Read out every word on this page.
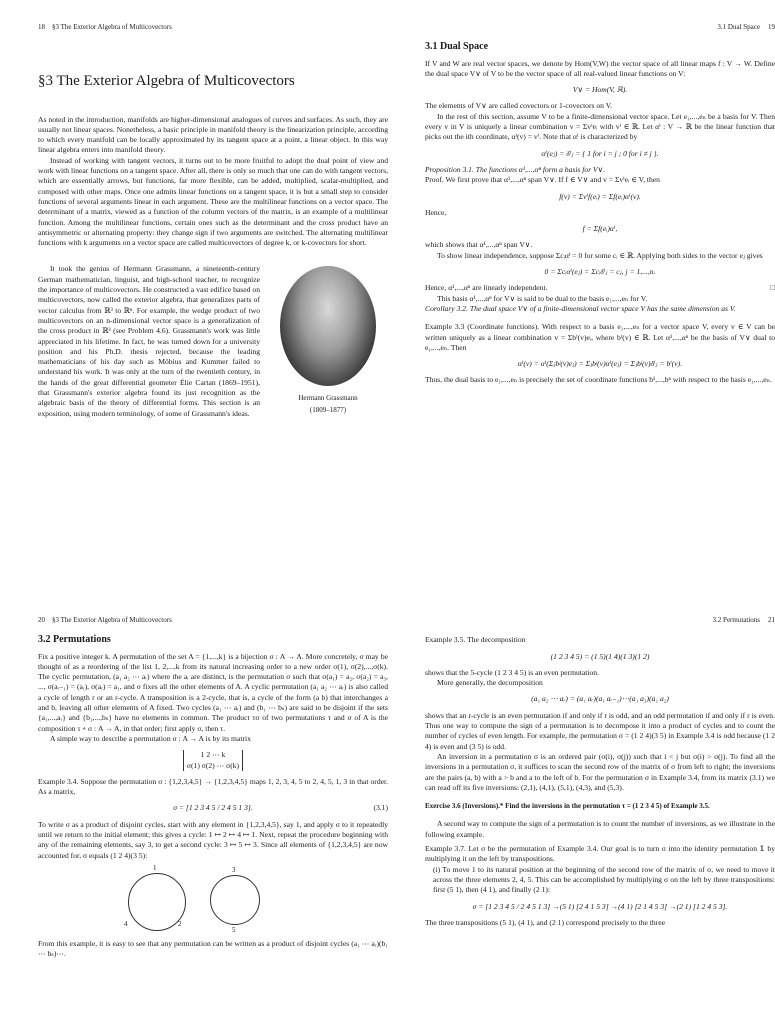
18 §3 The Exterior Algebra of Multicovectors
§3 The Exterior Algebra of Multicovectors

As noted in the introduction, manifolds are higher-dimensional analogues of curves and surfaces. As such, they are usually not linear spaces. Nonetheless, a basic principle in manifold theory is the linearization principle, according to which every manifold can be locally approximated by its tangent space at a point, a linear object. In this way linear algebra enters into manifold theory.

Instead of working with tangent vectors, it turns out to be more fruitful to adopt the dual point of view and work with linear functions on a tangent space. After all, there is only so much that one can do with tangent vectors, which are essentially arrows, but functions, far more flexible, can be added, multiplied, scalar-multiplied, and composed with other maps. Once one admits linear functions on a tangent space, it is but a small step to consider functions of several arguments linear in each argument. These are the multilinear functions on a vector space. The determinant of a matrix, viewed as a function of the column vectors of the matrix, is an example of a multilinear function. Among the multilinear functions, certain ones such as the determinant and the cross product have an antisymmetric or alternating property: they change sign if two arguments are switched. The alternating multilinear functions with k arguments on a vector space are called multicovectors of degree k, or k-covectors for short.

Hermann Grassmann
(1809–1877)

It took the genius of Hermann Grassmann, a nineteenth-century German mathematician, linguist, and high-school teacher, to recognize the importance of multicovectors. He constructed a vast edifice based on multicovectors, now called the exterior algebra, that generalizes parts of vector calculus from ℝ³ to ℝⁿ. For example, the wedge product of two multicovectors on an n-dimensional vector space is a generalization of the cross product in ℝ³ (see Problem 4.6). Grassmann's work was little appreciated in his lifetime. In fact, he was turned down for a university position and his Ph.D. thesis rejected, because the leading mathematicians of his day such as Möbius and Kummer failed to understand his work. It was only at the turn of the twentieth century, in the hands of the great differential geometer Élie Cartan (1869–1951), that Grassmann's exterior algebra found its just recognition as the algebraic basis of the theory of differential forms. This section is an exposition, using modern terminology, of some of Grassmann's ideas.

3.1 Dual Space 19
3.1 Dual Space

If V and W are real vector spaces, we denote by Hom(V,W) the vector space of all linear maps f : V → W. Define the dual space V∨ of V to be the vector space of all real-valued linear functions on V:

V∨ = Hom(V, ℝ).

The elements of V∨ are called covectors or 1-covectors on V.

In the rest of this section, assume V to be a finite-dimensional vector space. Let e₁,...,eₙ be a basis for V. Then every v in V is uniquely a linear combination v = Σvⁱeᵢ with vⁱ ∈ ℝ. Let αⁱ : V → ℝ be the linear function that picks out the ith coordinate, αⁱ(v) = vⁱ. Note that αⁱ is characterized by

αⁱ(eⱼ) = δⁱⱼ = { 1 for i = j ; 0 for i ≠ j }.

Proposition 3.1. The functions α¹,...,αⁿ form a basis for V∨.

Proof. We first prove that α¹,...,αⁿ span V∨. If f ∈ V∨ and v = Σvⁱeᵢ ∈ V, then

f(v) = Σvⁱf(eᵢ) = Σf(eᵢ)αⁱ(v).

Hence,

f = Σf(eᵢ)αⁱ,

which shows that α¹,...,αⁿ span V∨.

To show linear independence, suppose Σcᵢαⁱ = 0 for some cᵢ ∈ ℝ. Applying both sides to the vector eⱼ gives

0 = Σcᵢαⁱ(eⱼ) = Σcᵢδⁱⱼ = cⱼ, j = 1,...,n.

Hence, α¹,...,αⁿ are linearly independent.	□

This basis α¹,...,αⁿ for V∨ is said to be dual to the basis e₁,...,eₙ for V.

Corollary 3.2. The dual space V∨ of a finite-dimensional vector space V has the same dimension as V.

Example 3.3 (Coordinate functions). With respect to a basis e₁,...,eₙ for a vector space V, every v ∈ V can be written uniquely as a linear combination v = Σbⁱ(v)eᵢ, where bⁱ(v) ∈ ℝ. Let α¹,...,αⁿ be the basis of V∨ dual to e₁,...,eₙ. Then

αⁱ(v) = αⁱ(Σⱼbʲ(v)eⱼ) = Σⱼbʲ(v)αⁱ(eⱼ) = Σⱼbʲ(v)δⁱⱼ = bⁱ(v).

Thus, the dual basis to e₁,...,eₙ is precisely the set of coordinate functions b¹,...,bⁿ with respect to the basis e₁,...,eₙ.

20 §3 The Exterior Algebra of Multicovectors
3.2 Permutations

Fix a positive integer k. A permutation of the set A = {1,...,k} is a bijection σ : A → A. More concretely, σ may be thought of as a reordering of the list 1, 2,...,k from its natural increasing order to a new order σ(1), σ(2),...,σ(k). The cyclic permutation, (a₁ a₂ ⋯ aᵣ) where the aᵢ are distinct, is the permutation σ such that σ(a₁) = a₂, σ(a₂) = a₃, ..., σ(aᵣ₋₁) = (aᵣ), σ(aᵣ) = a₁, and σ fixes all the other elements of A. A cyclic permutation (a₁ a₂ ⋯ aᵣ) is also called a cycle of length r or an r-cycle. A transposition is a 2-cycle, that is, a cycle of the form (a b) that interchanges a and b, leaving all other elements of A fixed. Two cycles (a₁ ⋯ aᵣ) and (b₁ ⋯ bₛ) are said to be disjoint if the sets {a₁,...,aᵣ} and {b₁,...,bₛ} have no elements in common. The product τσ of two permutations τ and σ of A is the composition τ ∘ σ : A → A, in that order; first apply σ, then τ.

A simple way to describe a permutation σ : A → A is by its matrix

1 2 ⋯ k
σ(1) σ(2) ⋯ σ(k)

Example 3.4. Suppose the permutation σ : {1,2,3,4,5} → {1,2,3,4,5} maps 1, 2, 3, 4, 5 to 2, 4, 5, 1, 3 in that order. As a matrix,

σ = [1 2 3 4 5 / 2 4 5 1 3].	(3.1)

To write σ as a product of disjoint cycles, start with any element in {1,2,3,4,5}, say 1, and apply σ to it repeatedly until we return to the initial element; this gives a cycle: 1 ↦ 2 ↦ 4 ↦ 1. Next, repeat the procedure beginning with any of the remaining elements, say 3, to get a second cycle: 3 ↦ 5 ↦ 3. Since all elements of {1,2,3,4,5} are now accounted for, σ equals (1 2 4)(3 5):

1
2
4
3
5

From this example, it is easy to see that any permutation can be written as a product of disjoint cycles (a₁ ⋯ aᵣ)(b₁ ⋯ bₛ)⋯.

3.2 Permutations 21

Example 3.5. The decomposition

(1 2 3 4 5) = (1 5)(1 4)(1 3)(1 2)

shows that the 5-cycle (1 2 3 4 5) is an even permutation.

More generally, the decomposition

(a₁ a₂ ⋯ aᵣ) = (a₁ aᵣ)(a₁ aᵣ₋₁)⋯(a₁ a₃)(a₁ a₂)

shows that an r-cycle is an even permutation if and only if r is odd, and an odd permutation if and only if r is even. Thus one way to compute the sign of a permutation is to decompose it into a product of cycles and to count the number of cycles of even length. For example, the permutation σ = (1 2 4)(3 5) in Example 3.4 is odd because (1 2 4) is even and (3 5) is odd.

An inversion in a permutation σ is an ordered pair (σ(i), σ(j)) such that i < j but σ(i) > σ(j). To find all the inversions in a permutation σ, it suffices to scan the second row of the matrix of σ from left to right; the inversions are the pairs (a, b) with a > b and a to the left of b. For the permutation σ in Example 3.4, from its matrix (3.1) we can read off its five inversions: (2,1), (4,1), (5,1), (4,3), and (5,3).

Exercise 3.6 (Inversions).* Find the inversions in the permutation τ = (1 2 3 4 5) of Example 3.5.

A second way to compute the sign of a permutation is to count the number of inversions, as we illustrate in the following example.

Example 3.7. Let σ be the permutation of Example 3.4. Our goal is to turn σ into the identity permutation 𝟙 by multiplying it on the left by transpositions.

(i) To move 1 to its natural position at the beginning of the second row of the matrix of σ, we need to move it across the three elements 2, 4, 5. This can be accomplished by multiplying σ on the left by three transpositions: first (5 1), then (4 1), and finally (2 1):

σ = [1 2 3 4 5 / 2 4 5 1 3] →(5 1) [2 4 1 5 3] →(4 1) [2 1 4 5 3] →(2 1) [1 2 4 5 3].

The three transpositions (5 1), (4 1), and (2 1) correspond precisely to the three
